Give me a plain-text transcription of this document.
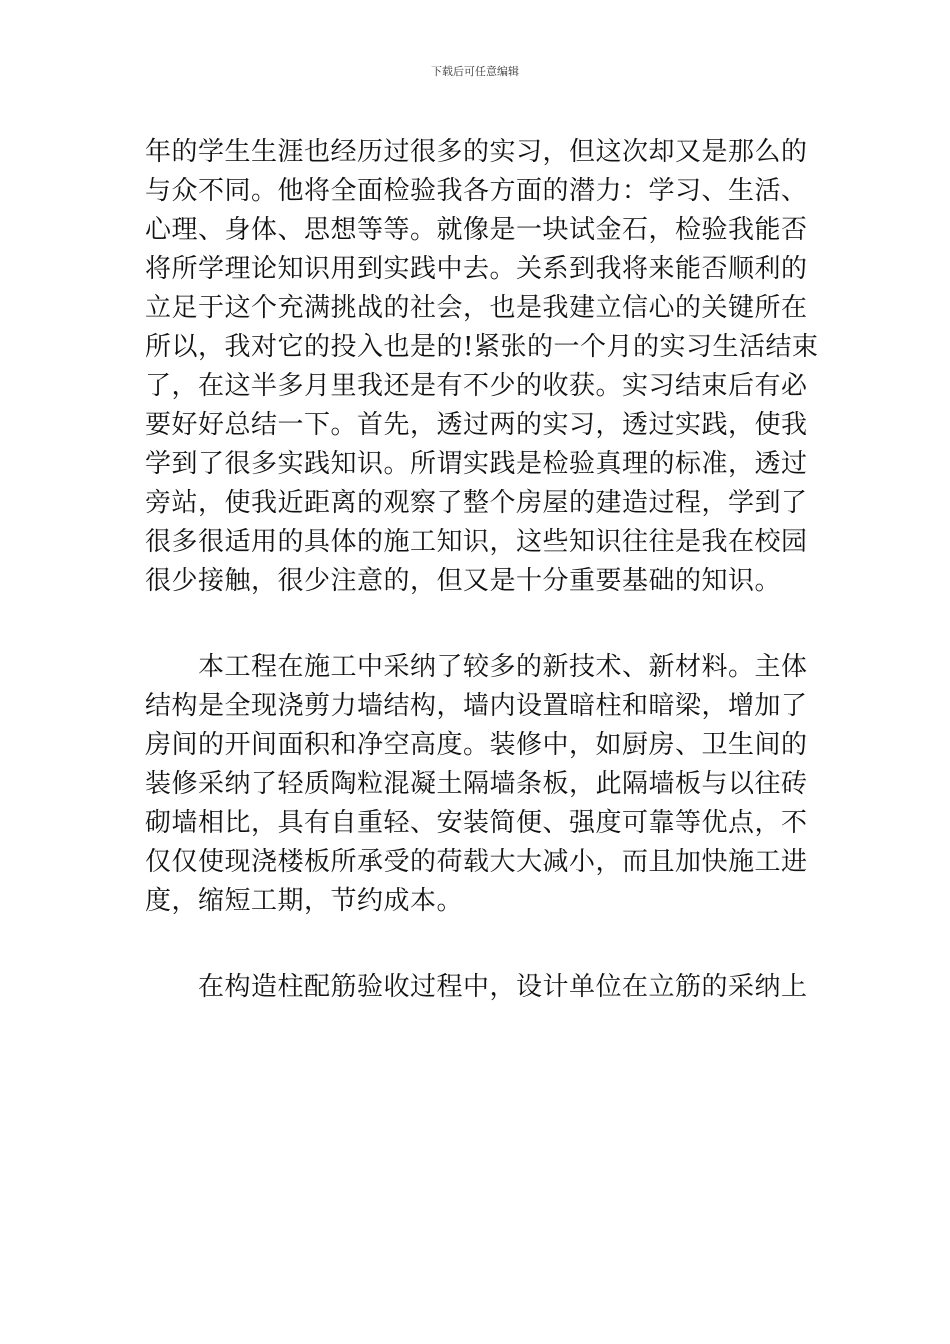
下载后可任意编辑
年的学生生涯也经历过很多的实习，但这次却又是那么的
与众不同。他将全面检验我各方面的潜力：学习、生活、
心理、身体、思想等等。就像是一块试金石，检验我能否
将所学理论知识用到实践中去。关系到我将来能否顺利的
立足于这个充满挑战的社会，也是我建立信心的关键所在
所以，我对它的投入也是的!紧张的一个月的实习生活结束
了，在这半多月里我还是有不少的收获。实习结束后有必
要好好总结一下。首先，透过两的实习，透过实践，使我
学到了很多实践知识。所谓实践是检验真理的标准，透过
旁站，使我近距离的观察了整个房屋的建造过程，学到了
很多很适用的具体的施工知识，这些知识往往是我在校园
很少接触，很少注意的，但又是十分重要基础的知识。
本工程在施工中采纳了较多的新技术、新材料。主体
结构是全现浇剪力墙结构，墙内设置暗柱和暗梁，增加了
房间的开间面积和净空高度。装修中，如厨房、卫生间的
装修采纳了轻质陶粒混凝土隔墙条板，此隔墙板与以往砖
砌墙相比，具有自重轻、安装简便、强度可靠等优点，不
仅仅使现浇楼板所承受的荷载大大减小，而且加快施工进
度，缩短工期，节约成本。
在构造柱配筋验收过程中，设计单位在立筋的采纳上
